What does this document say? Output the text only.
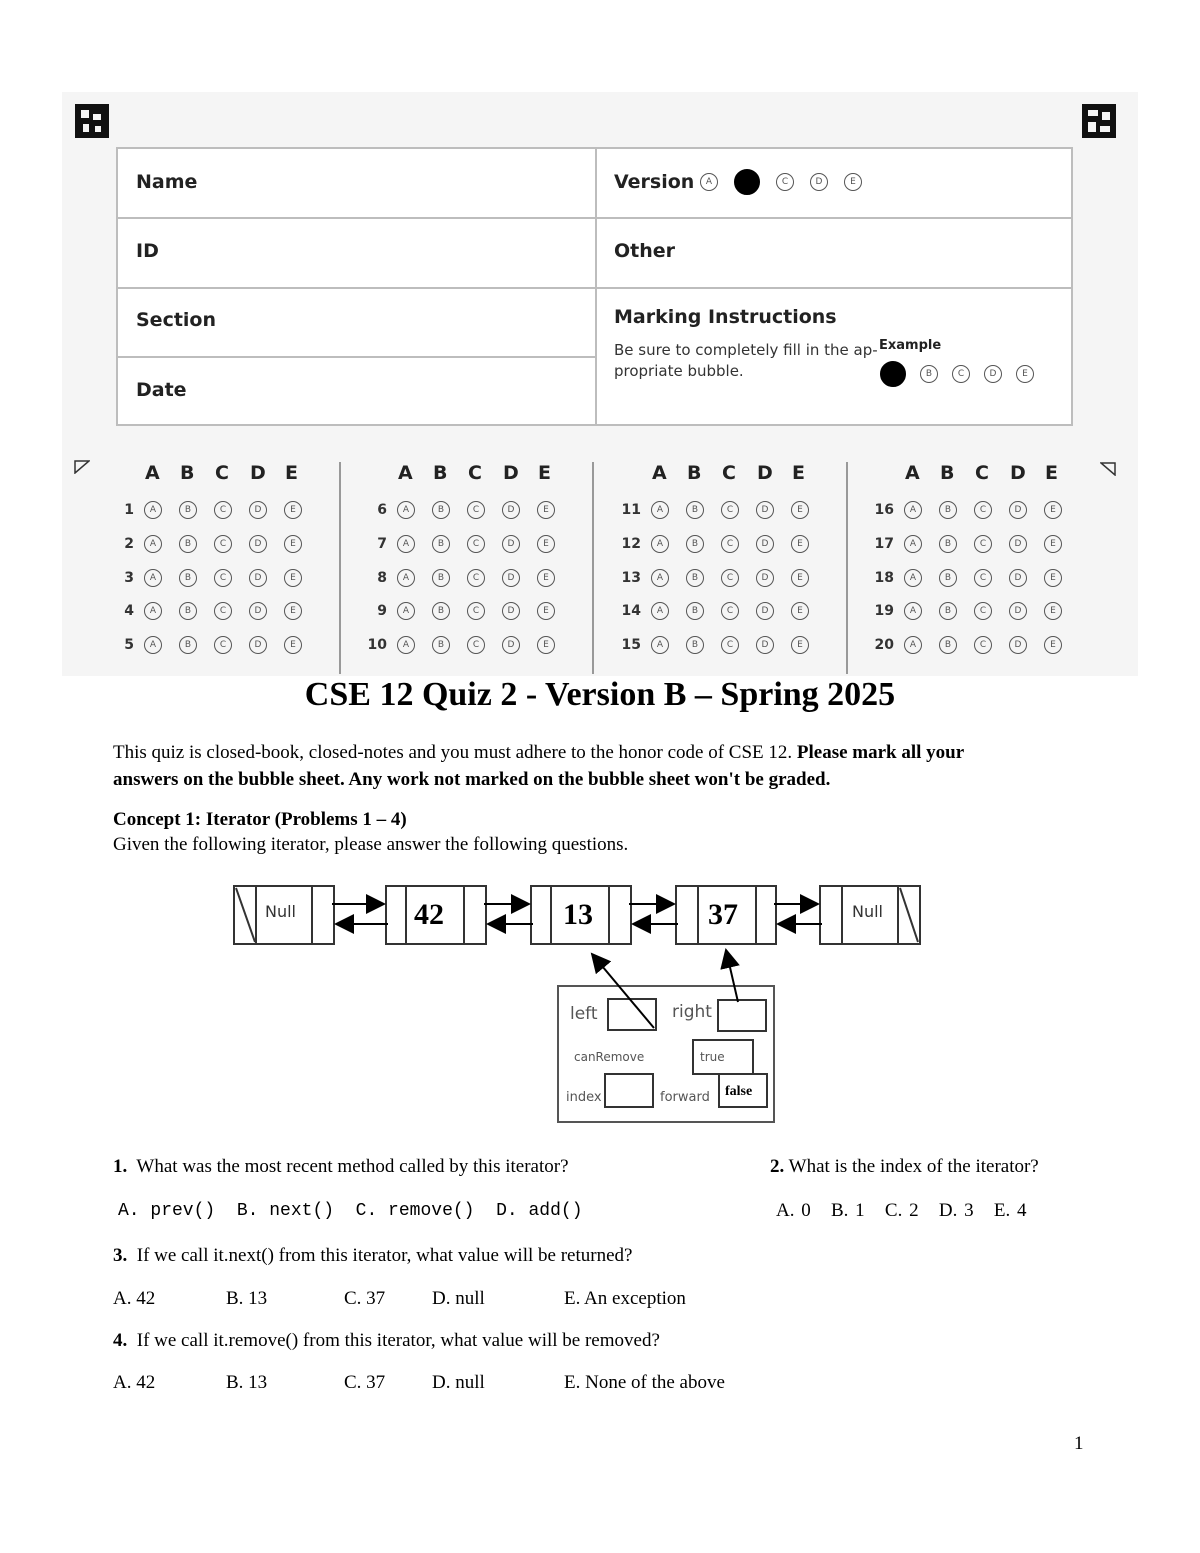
Name
ID
Section
Date
Version	A	B	C	D	E
Other
Marking Instructions
Be sure to completely fill in the ap-
propriate bubble.
Example
A	B	C	D	E
A B C D E
1	A	B	C	D	E
2	A	B	C	D	E
3	A	B	C	D	E
4	A	B	C	D	E
5	A	B	C	D	E
A B C D E
6	A	B	C	D	E
7	A	B	C	D	E
8	A	B	C	D	E
9	A	B	C	D	E
10	A	B	C	D	E
A B C D E
11	A	B	C	D	E
12	A	B	C	D	E
13	A	B	C	D	E
14	A	B	C	D	E
15	A	B	C	D	E
A B C D E
16	A	B	C	D	E
17	A	B	C	D	E
18	A	B	C	D	E
19	A	B	C	D	E
20	A	B	C	D	E
CSE 12 Quiz 2 - Version B – Spring 2025
This quiz is closed-book, closed-notes and you must adhere to the honor code of CSE 12. Please mark all your
answers on the bubble sheet. Any work not marked on the bubble sheet won't be graded.
Concept 1: Iterator (Problems 1 – 4)
Given the following iterator, please answer the following questions.
Null	42	13	37	Null
left	right
canRemove	true
index	forward false
1. What was the most recent method called by this iterator?	2. What is the index of the iterator?
A. prev() B. next() C. remove() D. add()	A. 0 B. 1 C. 2 D. 3 E. 4
3. If we call it.next() from this iterator, what value will be returned?
A. 42	B. 13	C. 37 D. null	E. An exception
4. If we call it.remove() from this iterator, what value will be removed?
A. 42	B. 13	C. 37 D. null	E. None of the above
1
